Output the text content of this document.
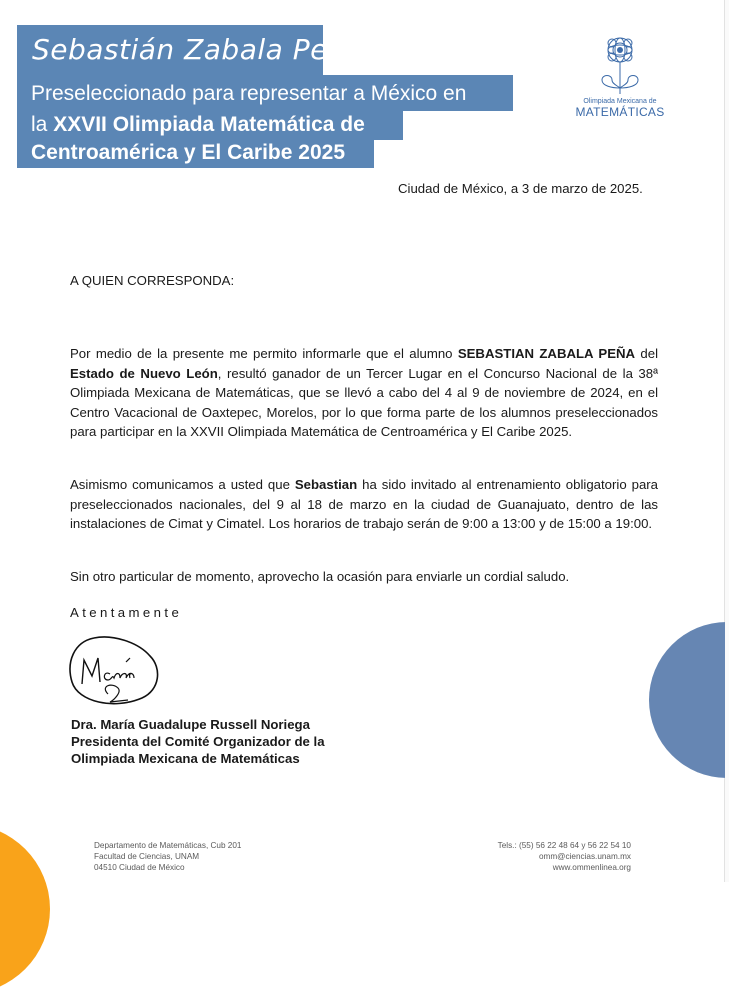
Sebastián Zabala Peña
Preseleccionado para representar a México en
la XXVII Olimpiada Matemática de
Centroamérica y El Caribe 2025
Olimpiada Mexicana de
MATEMÁTICAS
Ciudad de México, a 3 de marzo de 2025.
A QUIEN CORRESPONDA:
Por medio de la presente me permito informarle que el alumno SEBASTIAN ZABALA PEÑA del Estado de Nuevo León, resultó ganador de un Tercer Lugar en el Concurso Nacional de la 38ª Olimpiada Mexicana de Matemáticas, que se llevó a cabo del 4 al 9 de noviembre de 2024, en el Centro Vacacional de Oaxtepec, Morelos, por lo que forma parte de los alumnos preseleccionados para participar en la XXVII Olimpiada Matemática de Centroamérica y El Caribe 2025.
Asimismo comunicamos a usted que Sebastian ha sido invitado al entrenamiento obligatorio para preseleccionados nacionales, del 9 al 18 de marzo en la ciudad de Guanajuato, dentro de las instalaciones de Cimat y Cimatel. Los horarios de trabajo serán de 9:00 a 13:00 y de 15:00 a 19:00.
Sin otro particular de momento, aprovecho la ocasión para enviarle un cordial saludo.
Atentamente
Dra. María Guadalupe Russell Noriega
Presidenta del Comité Organizador de la
Olimpiada Mexicana de Matemáticas
Departamento de Matemáticas, Cub 201
Facultad de Ciencias, UNAM
04510 Ciudad de México
Tels.: (55) 56 22 48 64 y 56 22 54 10
omm@ciencias.unam.mx
www.ommenlinea.org
